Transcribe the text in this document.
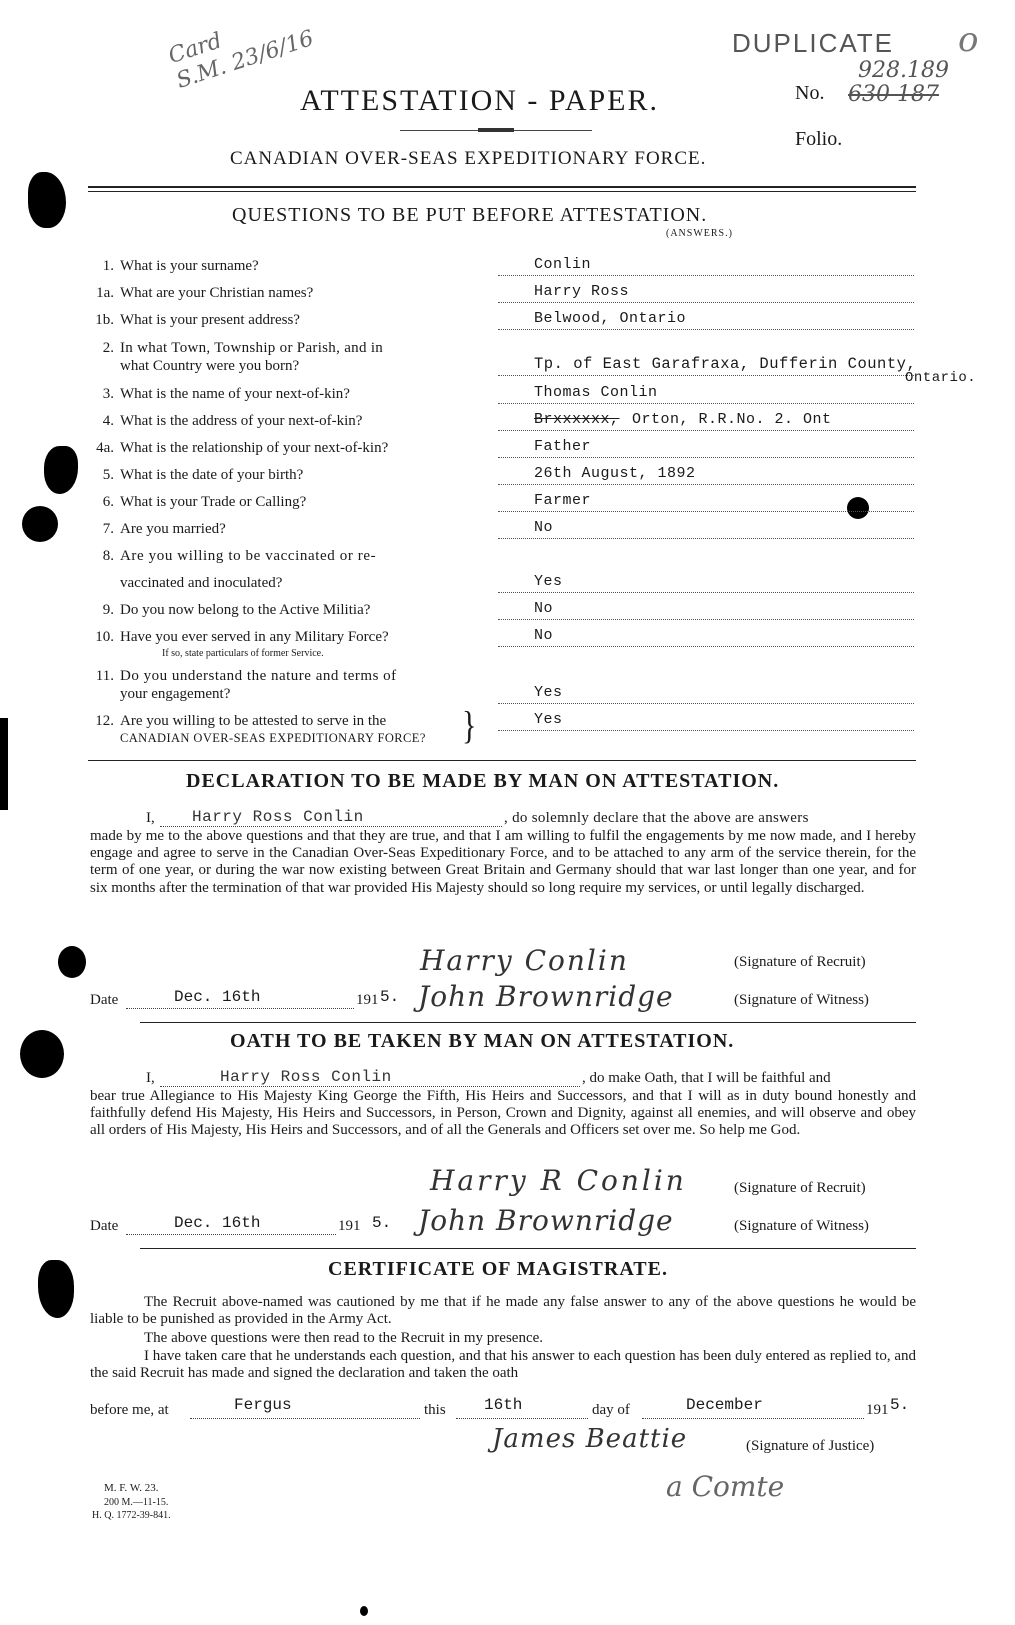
Card
S.M. 23/6/16	DUPLICATE o
No.
928.189
630 187
ATTESTATION - PAPER.
Folio.
CANADIAN OVER-SEAS EXPEDITIONARY FORCE.
QUESTIONS TO BE PUT BEFORE ATTESTATION.
(ANSWERS.)
1. What is your surname?	Conlin
1a. What are your Christian names?	Harry Ross
1b. What is your present address?	Belwood, Ontario
2. In what Town, Township or Parish, and in
what Country were you born?	Tp. of East Garafraxa, Dufferin County,
Ontario.
3. What is the name of your next-of-kin?	Thomas Conlin
4. What is the address of your next-of-kin?	Brxxxxxx, Orton, R.R.No. 2. Ont
4a. What is the relationship of your next-of-kin?	Father
5. What is the date of your birth?	26th August, 1892
6. What is your Trade or Calling?	Farmer
7. Are you married?	No
8. Are you willing to be vaccinated or re-
vaccinated and inoculated?	Yes
9. Do you now belong to the Active Militia?	No
10. Have you ever served in any Military Force?
If so, state particulars of former Service.
No
11. Do you understand the nature and terms of
your engagement?	Yes
12. Are you willing to be attested to serve in the
CANADIAN OVER-SEAS EXPEDITIONARY FORCE? }	Yes
DECLARATION TO BE MADE BY MAN ON ATTESTATION.
I, Harry Ross Conlin	, do solemnly declare that the above are answers
made by me to the above questions and that they are true, and that I am willing to fulfil the engagements by me now made, and I hereby engage and agree to serve in the Canadian Over-Seas Expeditionary Force, and to be attached to any arm of the service therein, for the term of one year, or during the war now existing between Great Britain and Germany should that war last longer than one year, and for six months after the termination of that war provided His Majesty should so long require my services, or until legally discharged.
Harry Conlin	(Signature of Recruit)
Date	Dec. 16th	191 5. John Brownridge	(Signature of Witness)
OATH TO BE TAKEN BY MAN ON ATTESTATION.
I,	Harry Ross Conlin	, do make Oath, that I will be faithful and
bear true Allegiance to His Majesty King George the Fifth, His Heirs and Successors, and that I will as in duty bound honestly and faithfully defend His Majesty, His Heirs and Successors, in Person, Crown and Dignity, against all enemies, and will observe and obey all orders of His Majesty, His Heirs and Successors, and of all the Generals and Officers set over me. So help me God.
Harry R Conlin	(Signature of Recruit)
Date	Dec. 16th	191 5. John Brownridge	(Signature of Witness)
CERTIFICATE OF MAGISTRATE.
The Recruit above-named was cautioned by me that if he made any false answer to any of the above questions he would be liable to be punished as provided in the Army Act.
The above questions were then read to the Recruit in my presence.
I have taken care that he understands each question, and that his answer to each question has been duly entered as replied to, and the said Recruit has made and signed the declaration and taken the oath
before me, at	Fergus	this 16th	day of	December	191 5.
James Beattie	(Signature of Justice)
a Comte
M. F. W. 23.
200 M.—11-15.
H. Q. 1772-39-841.
